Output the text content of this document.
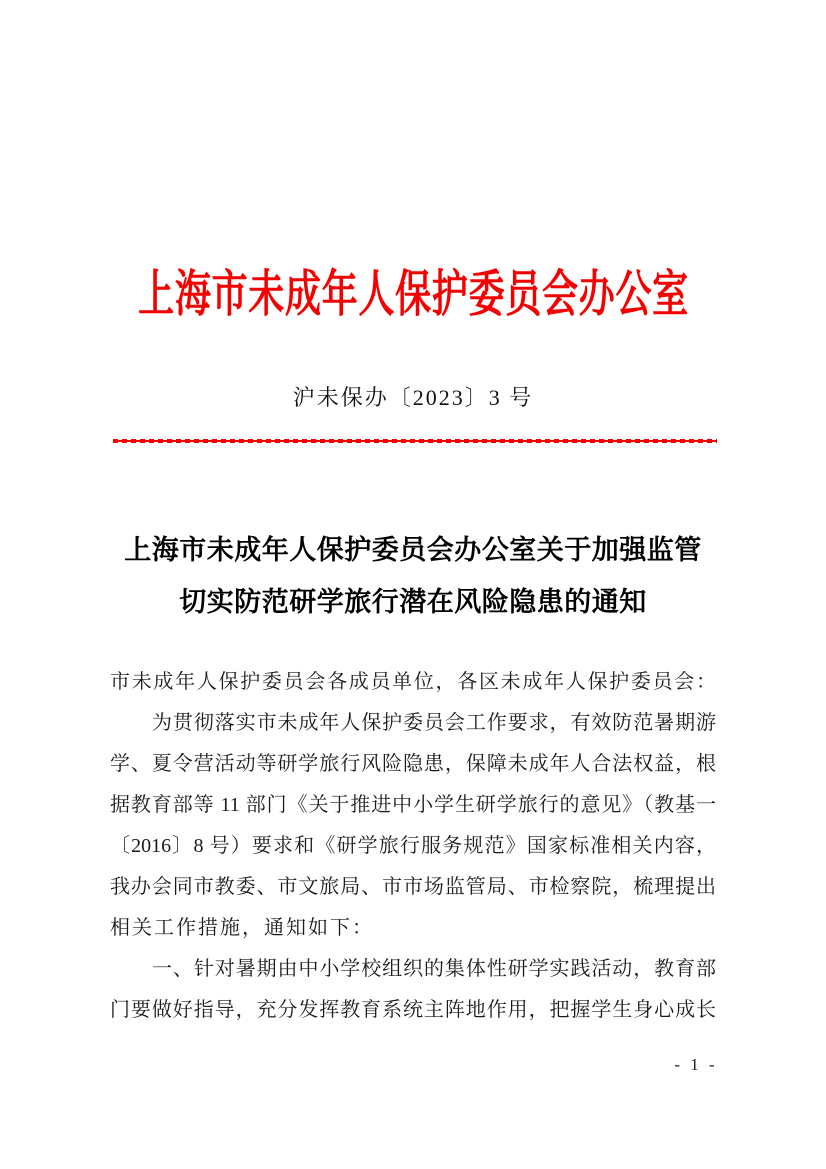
上海市未成年人保护委员会办公室
沪未保办〔2023〕3 号
上海市未成年人保护委员会办公室关于加强监管
切实防范研学旅行潜在风险隐患的通知
市未成年人保护委员会各成员单位，各区未成年人保护委员会：
为贯彻落实市未成年人保护委员会工作要求，有效防范暑期游
学、夏令营活动等研学旅行风险隐患，保障未成年人合法权益，根
据教育部等 11 部门《关于推进中小学生研学旅行的意见》（教基一
〔2016〕8 号）要求和《研学旅行服务规范》国家标准相关内容，
我办会同市教委、市文旅局、市市场监管局、市检察院，梳理提出
相关工作措施，通知如下：
一、针对暑期由中小学校组织的集体性研学实践活动，教育部
门要做好指导，充分发挥教育系统主阵地作用，把握学生身心成长
- 1 -
